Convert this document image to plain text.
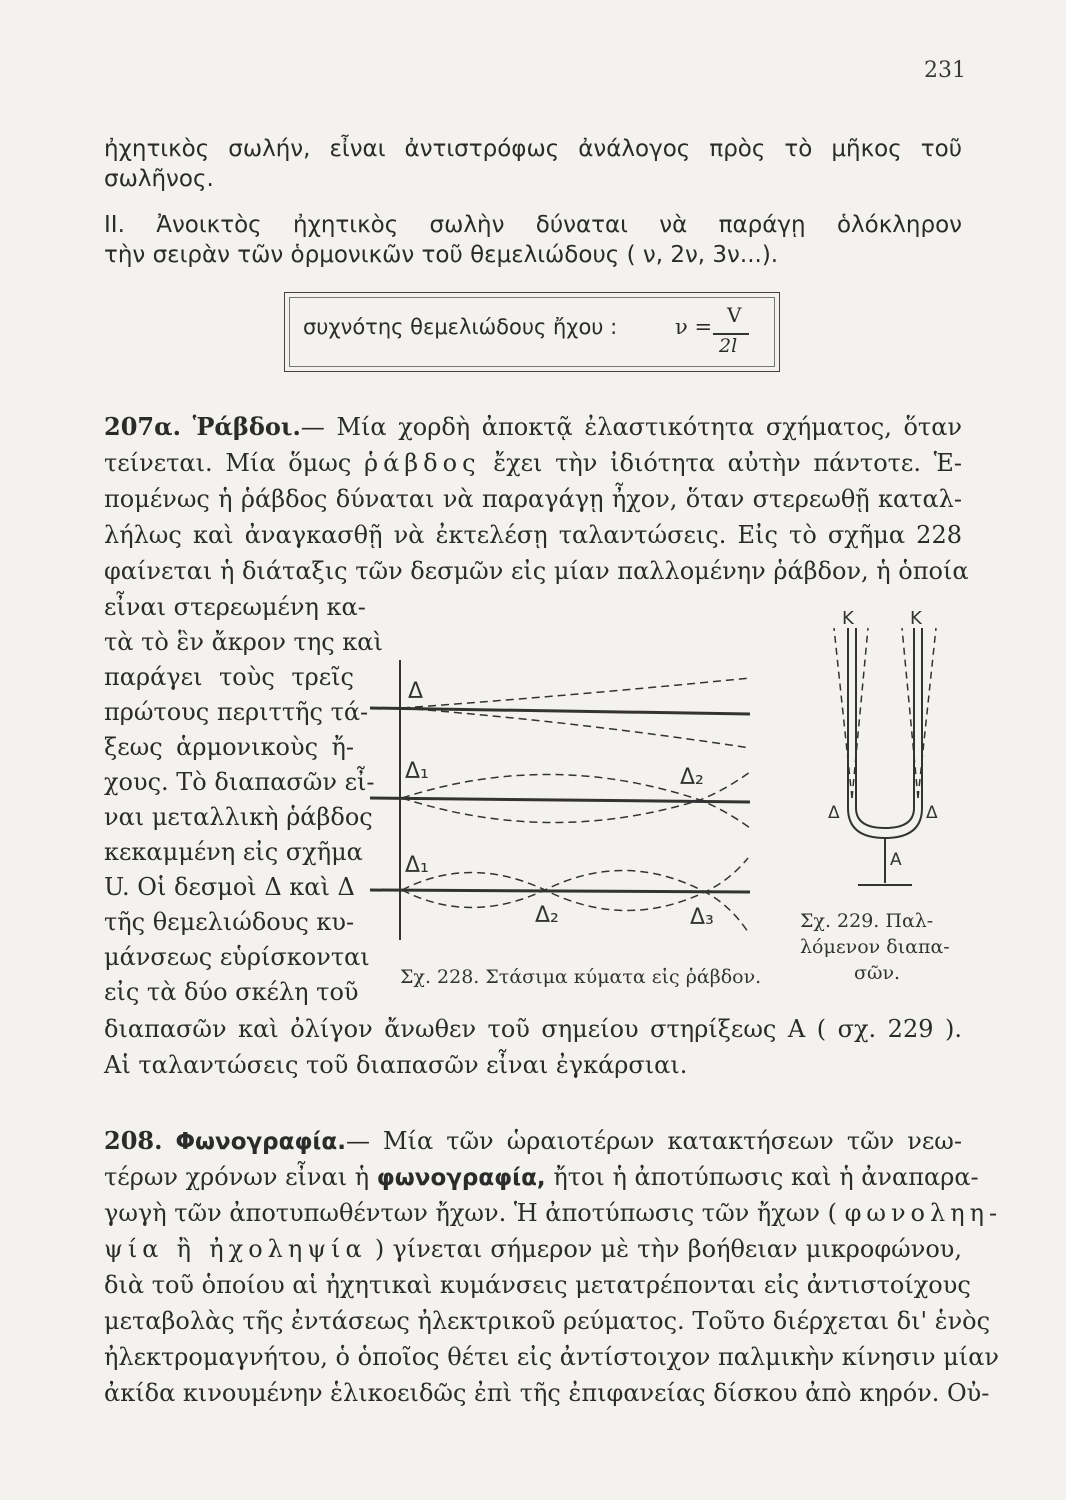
231
ἠχητικὸς σωλήν, εἶναι ἀντιστρόφως ἀνάλογος πρὸς τὸ μῆκος τοῦ
σωλῆνος.
II. Ἀνοικτὸς ἠχητικὸς σωλὴν δύναται νὰ παράγῃ ὁλόκληρον
τὴν σειρὰν τῶν ὁρμονικῶν τοῦ θεμελιώδους ( ν, 2ν, 3ν...).
συχνότης θεμελιώδους ἤχου :	ν = V
2l
207α. Ῥάβδοι.— Μία χορδὴ ἀποκτᾷ ἐλαστικότητα σχήματος, ὅταν
τείνεται. Μία ὅμως ῥάβδος ἔχει τὴν ἰδιότητα αὐτὴν πάντοτε. Ἑ-
πομένως ἡ ῥάβδος δύναται νὰ παραγάγῃ ἦχον, ὅταν στερεωθῇ καταλ-
λήλως καὶ ἀναγκασθῇ νὰ ἐκτελέσῃ ταλαντώσεις. Εἰς τὸ σχῆμα 228
φαίνεται ἡ διάταξις τῶν δεσμῶν εἰς μίαν παλλομένην ῥάβδον, ἡ ὁποία
εἶναι στερεωμένη κα-
τὰ τὸ ἓν ἄκρον της καὶ
παράγει τοὺς τρεῖς
πρώτους περιττῆς τά-
ξεως ἁρμονικοὺς ἤ-
χους. Τὸ διαπασῶν εἶ-
ναι μεταλλικὴ ῥάβδος
κεκαμμένη εἰς σχῆμα
U. Οἱ δεσμοὶ Δ καὶ Δ
τῆς θεμελιώδους κυ-
μάνσεως εὑρίσκονται
εἰς τὰ δύο σκέλη τοῦ
Δ
Δ₁	Δ₂
Δ₁
Δ₂	Δ₃
Σχ. 228. Στάσιμα κύματα εἰς ῥάβδον.
K	K
Δ	Δ
A
Σχ. 229. Παλ-
λόμενον διαπα-
σῶν.
διαπασῶν καὶ ὀλίγον ἄνωθεν τοῦ σημείου στηρίξεως Α ( σχ. 229 ).
Αἱ ταλαντώσεις τοῦ διαπασῶν εἶναι ἐγκάρσιαι.
208. Φωνογραφία.— Μία τῶν ὡραιοτέρων κατακτήσεων τῶν νεω-
τέρων χρόνων εἶναι ἡ φωνογραφία, ἤτοι ἡ ἀποτύπωσις καὶ ἡ ἀναπαρα-
γωγὴ τῶν ἀποτυπωθέντων ἤχων. Ἡ ἀποτύπωσις τῶν ἤχων ( φωνοληη-
ψία ἢ ἠχοληψία ) γίνεται σήμερον μὲ τὴν βοήθειαν μικροφώνου,
διὰ τοῦ ὁποίου αἱ ἠχητικαὶ κυμάνσεις μετατρέπονται εἰς ἀντιστοίχους
μεταβολὰς τῆς ἐντάσεως ἠλεκτρικοῦ ρεύματος. Τοῦτο διέρχεται δι' ἑνὸς
ἠλεκτρομαγνήτου, ὁ ὁποῖος θέτει εἰς ἀντίστοιχον παλμικὴν κίνησιν μίαν
ἀκίδα κινουμένην ἑλικοειδῶς ἐπὶ τῆς ἐπιφανείας δίσκου ἀπὸ κηρόν. Οὐ-
